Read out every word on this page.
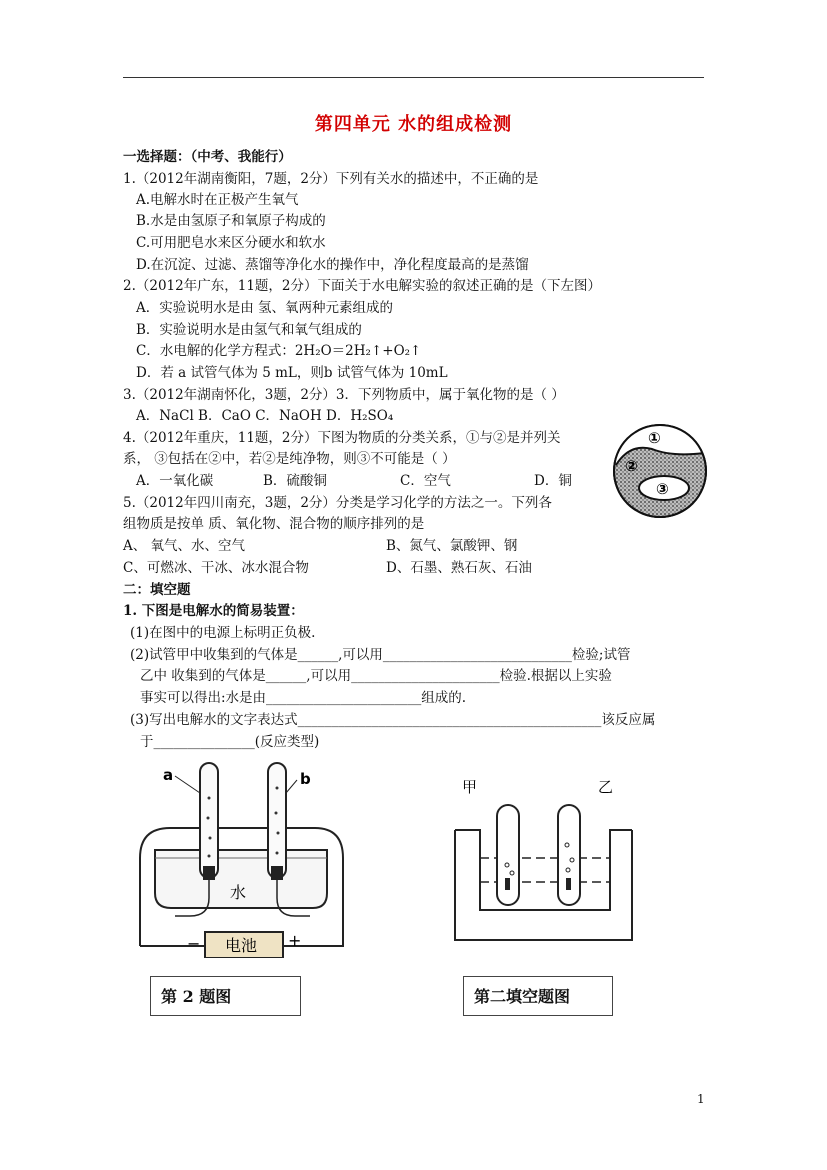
第四单元 水的组成检测
一选择题：（中考、我能行）
1.（2012年湖南衡阳，7题，2分）下列有关水的描述中，不正确的是
A.电解水时在正极产生氧气
B.水是由氢原子和氧原子构成的
C.可用肥皂水来区分硬水和软水
D.在沉淀、过滤、蒸馏等净化水的操作中，净化程度最高的是蒸馏
2.（2012年广东，11题，2分）下面关于水电解实验的叙述正确的是（下左图）
A．实验说明水是由 氢、氧两种元素组成的
B．实验说明水是由氢气和氧气组成的
C．水电解的化学方程式：2H₂O＝2H₂↑+O₂↑
D．若 a 试管气体为 5 mL，则b 试管气体为 10mL
3.（2012年湖南怀化，3题，2分）3．下列物质中，属于氧化物的是（ ）
A．NaCl B．CaO C．NaOH D．H₂SO₄
4.（2012年重庆，11题，2分）下图为物质的分类关系，①与②是并列关
系， ③包括在②中，若②是纯净物，则③不可能是（ ）
A．一氧化碳	B．硫酸铜	C．空气	D．铜
①
②
③
5.（2012年四川南充，3题，2分）分类是学习化学的方法之一。下列各
组物质是按单 质、氧化物、混合物的顺序排列的是
A、 氧气、水、空气	B、氮气、氯酸钾、钢
C、可燃冰、干冰、冰水混合物	D、石墨、熟石灰、石油
二：填空题
1. 下图是电解水的简易装置：
(1)在图中的电源上标明正负极.
(2)试管甲中收集到的气体是______,可以用____________________________检验;试管
乙中 收集到的气体是______,可以用______________________检验.根据以上实验
事实可以得出:水是由_______________________组成的.
(3)写出电解水的文字表达式_____________________________________________该反应属
于_______________(反应类型)
电池
−	+
水
a	b	甲	乙
第 2 题图	第二填空题图
1
